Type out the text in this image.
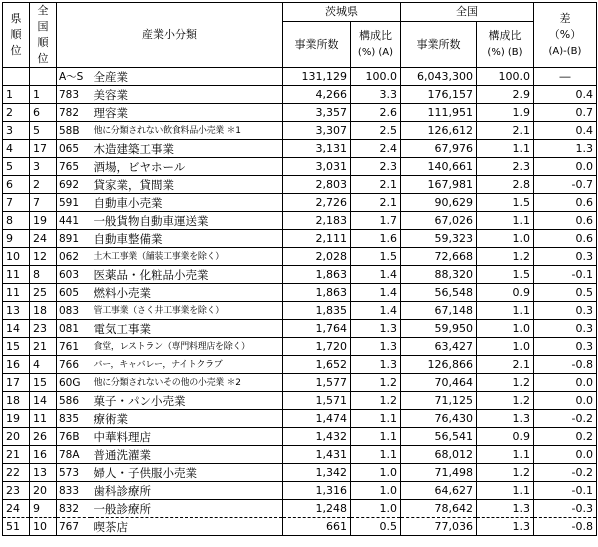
県
順
位	全
国
順
位	産業小分類		茨城県		全国		差
（%）
(A)-(B)
				事業所数	構成比
(%) (A)	事業所数	構成比
(%) (B)	

		A～S	全産業	131,129	100.0	6,043,300	100.0	―
1	1	783	美容業	4,266	3.3	176,157	2.9	0.4
2	6	782	理容業	3,357	2.6	111,951	1.9	0.7
3	5	58B	他に分類されない飲食料品小売業 ＊1	3,307	2.5	126,612	2.1	0.4
4	17	065	木造建築工事業	3,131	2.4	67,976	1.1	1.3
5	3	765	酒場，ビヤホール	3,031	2.3	140,661	2.3	0.0
6	2	692	貸家業，貸間業	2,803	2.1	167,981	2.8	-0.7
7	7	591	自動車小売業	2,726	2.1	90,629	1.5	0.6
8	19	441	一般貨物自動車運送業	2,183	1.7	67,026	1.1	0.6
9	24	891	自動車整備業	2,111	1.6	59,323	1.0	0.6
10	12	062	土木工事業（舗装工事業を除く）	2,028	1.5	72,668	1.2	0.3
11	8	603	医薬品・化粧品小売業	1,863	1.4	88,320	1.5	-0.1
11	25	605	燃料小売業	1,863	1.4	56,548	0.9	0.5
13	18	083	管工事業（さく井工事業を除く）	1,835	1.4	67,148	1.1	0.3
14	23	081	電気工事業	1,764	1.3	59,950	1.0	0.3
15	21	761	食堂，レストラン（専門料理店を除く）	1,720	1.3	63,427	1.0	0.3
16	4	766	バー，キャバレー，ナイトクラブ	1,652	1.3	126,866	2.1	-0.8
17	15	60G	他に分類されないその他の小売業 ＊2	1,577	1.2	70,464	1.2	0.0
18	14	586	菓子・パン小売業	1,571	1.2	71,125	1.2	0.0
19	11	835	療術業	1,474	1.1	76,430	1.3	-0.2
20	26	76B	中華料理店	1,432	1.1	56,541	0.9	0.2
21	16	78A	普通洗濯業	1,431	1.1	68,012	1.1	0.0
22	13	573	婦人・子供服小売業	1,342	1.0	71,498	1.2	-0.2
23	20	833	歯科診療所	1,316	1.0	64,627	1.1	-0.1
24	9	832	一般診療所	1,248	1.0	78,642	1.3	-0.3
51	10	767	喫茶店	661	0.5	77,036	1.3	-0.8
